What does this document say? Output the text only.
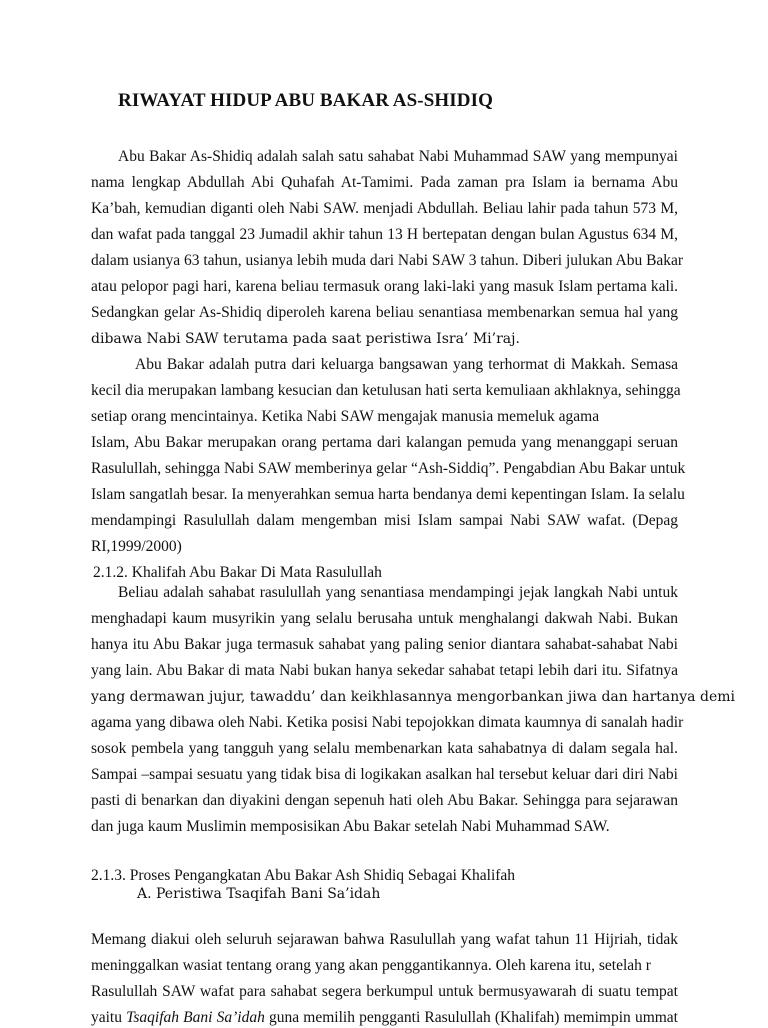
RIWAYAT HIDUP ABU BAKAR AS-SHIDIQ
Abu Bakar As-Shidiq adalah salah satu sahabat Nabi Muhammad SAW yang mempunyai
nama lengkap Abdullah Abi Quhafah At-Tamimi. Pada zaman pra Islam ia bernama Abu
Ka’bah, kemudian diganti oleh Nabi SAW. menjadi Abdullah. Beliau lahir pada tahun 573 M,
dan wafat pada tanggal 23 Jumadil akhir tahun 13 H bertepatan dengan bulan Agustus 634 M,
dalam usianya 63 tahun, usianya lebih muda dari Nabi SAW 3 tahun. Diberi julukan Abu Bakar
atau pelopor pagi hari, karena beliau termasuk orang laki-laki yang masuk Islam pertama kali.
Sedangkan gelar As-Shidiq diperoleh karena beliau senantiasa membenarkan semua hal yang
dibawa Nabi SAW terutama pada saat peristiwa Isra’ Mi’raj.
Abu Bakar adalah putra dari keluarga bangsawan yang terhormat di Makkah. Semasa
kecil dia merupakan lambang kesucian dan ketulusan hati serta kemuliaan akhlaknya, sehingga
setiap orang mencintainya. Ketika Nabi SAW mengajak manusia memeluk agama
Islam, Abu Bakar merupakan orang pertama dari kalangan pemuda yang menanggapi seruan
Rasulullah, sehingga Nabi SAW memberinya gelar “Ash-Siddiq”. Pengabdian Abu Bakar untuk
Islam sangatlah besar. Ia menyerahkan semua harta bendanya demi kepentingan Islam. Ia selalu
mendampingi Rasulullah dalam mengemban misi Islam sampai Nabi SAW wafat. (Depag
RI,1999/2000)
2.1.2. Khalifah Abu Bakar Di Mata Rasulullah
Beliau adalah sahabat rasulullah yang senantiasa mendampingi jejak langkah Nabi untuk
menghadapi kaum musyrikin yang selalu berusaha untuk menghalangi dakwah Nabi. Bukan
hanya itu Abu Bakar juga termasuk sahabat yang paling senior diantara sahabat-sahabat Nabi
yang lain. Abu Bakar di mata Nabi bukan hanya sekedar sahabat tetapi lebih dari itu. Sifatnya
yang dermawan jujur, tawaddu’ dan keikhlasannya mengorbankan jiwa dan hartanya demi
agama yang dibawa oleh Nabi. Ketika posisi Nabi tepojokkan dimata kaumnya di sanalah hadir
sosok pembela yang tangguh yang selalu membenarkan kata sahabatnya di dalam segala hal.
Sampai –sampai sesuatu yang tidak bisa di logikakan asalkan hal tersebut keluar dari diri Nabi
pasti di benarkan dan diyakini dengan sepenuh hati oleh Abu Bakar. Sehingga para sejarawan
dan juga kaum Muslimin memposisikan Abu Bakar setelah Nabi Muhammad SAW.
2.1.3. Proses Pengangkatan Abu Bakar Ash Shidiq Sebagai Khalifah
A. Peristiwa Tsaqifah Bani Sa’idah
Memang diakui oleh seluruh sejarawan bahwa Rasulullah yang wafat tahun 11 Hijriah, tidak
meninggalkan wasiat tentang orang yang akan penggantikannya. Oleh karena itu, setelah r
Rasulullah SAW wafat para sahabat segera berkumpul untuk bermusyawarah di suatu tempat
yaitu Tsaqifah Bani Sa’idah guna memilih pengganti Rasulullah (Khalifah) memimpin ummat
